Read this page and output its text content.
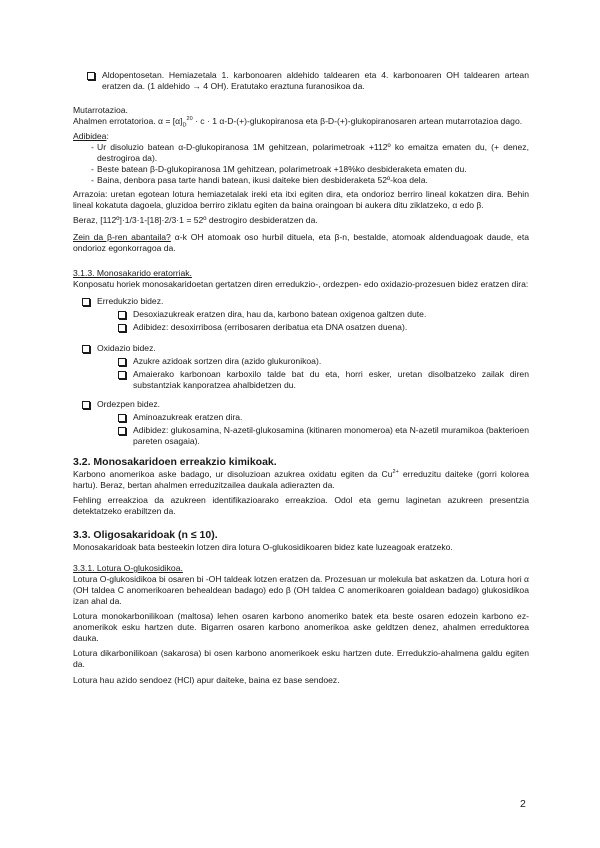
Aldopentosetan. Hemiazetala 1. karbonoaren aldehido taldearen eta 4. karbonoaren OH taldearen artean eratzen da. (1 aldehido → 4 OH). Eratutako eraztuna furanosikoa da.

Mutarrotazioa.

Ahalmen errotatorioa. $\alpha = [\alpha]_D^{20} \cdot c \cdot 1$ α-D-(+)-glukopiranosa eta β-D-(+)-glukopiranosaren artean mutarrotazioa dago.

Adibidea:

- Ur disoluzio batean α-D-glukopiranosa 1M gehitzean, polarimetroak +112º ko emaitza ematen du, (+ denez, destrogiroa da).

- Beste batean β-D-glukopiranosa 1M gehitzean, polarimetroak +18%ko desbideraketa ematen du.

- Baina, denbora pasa tarte handi batean, ikusi daiteke bien desbideraketa 52º-koa dela.

Arrazoia: uretan egotean lotura hemiazetalak ireki eta itxi egiten dira, eta ondorioz berriro lineal kokatzen dira. Behin lineal kokatuta dagoela, gluzidoa berriro ziklatu egiten da baina oraingoan bi aukera ditu ziklatzeko, α edo β.

Beraz, [112º]·1/3·1-[18]·2/3·1 = 52º destrogiro desbideratzen da.

Zein da β-ren abantaila? α-k OH atomoak oso hurbil dituela, eta β-n, bestalde, atomoak aldenduagoak daude, eta ondorioz egonkorragoa da.

3.1.3. Monosakarido eratorriak.

Konposatu horiek monosakaridoetan gertatzen diren erredukzio-, ordezpen- edo oxidazio-prozesuen bidez eratzen dira:

Erredukzio bidez.

Desoxiazukreak eratzen dira, hau da, karbono batean oxigenoa galtzen dute.

Adibidez: desoxirribosa (erribosaren deribatua eta DNA osatzen duena).

Oxidazio bidez.

Azukre azidoak sortzen dira (azido glukuronikoa).

Amaierako karbonoan karboxilo talde bat du eta, horri esker, uretan disolbatzeko zailak diren substantziak kanporatzea ahalbidetzen du.

Ordezpen bidez.

Aminoazukreak eratzen dira.

Adibidez: glukosamina, N-azetil-glukosamina (kitinaren monomeroa) eta N-azetil muramikoa (bakterioen pareten osagaia).

3.2. Monosakaridoen erreakzio kimikoak.

Karbono anomerikoa aske badago, ur disoluzioan azukrea oxidatu egiten da $Cu^{2+}$ erreduzitu daiteke (gorri kolorea hartu). Beraz, bertan ahalmen erreduzitzailea daukala adierazten da.

Fehling erreakzioa da azukreen identifikazioarako erreakzioa. Odol eta gernu laginetan azukreen presentzia detektatzeko erabiltzen da.

3.3. Oligosakaridoak (n ≤ 10).

Monosakaridoak bata besteekin lotzen dira lotura O-glukosidikoaren bidez kate luzeagoak eratzeko.

3.3.1. Lotura O-glukosidikoa.

Lotura O-glukosidikoa bi osaren bi -OH taldeak lotzen eratzen da. Prozesuan ur molekula bat askatzen da. Lotura hori α (OH taldea C anomerikoaren behealdean badago) edo β (OH taldea C anomerikoaren goialdean badago) glukosidikoa izan ahal da.

Lotura monokarbonilikoan (maltosa) lehen osaren karbono anomeriko batek eta beste osaren edozein karbono ez-anomerikok esku hartzen dute. Bigarren osaren karbono anomerikoa aske geldtzen denez, ahalmen erreduktorea dauka.

Lotura dikarbonilikoan (sakarosa) bi osen karbono anomerikoek esku hartzen dute. Erredukzio-ahalmena galdu egiten da.

Lotura hau azido sendoez (HCl) apur daiteke, baina ez base sendoez.

2
